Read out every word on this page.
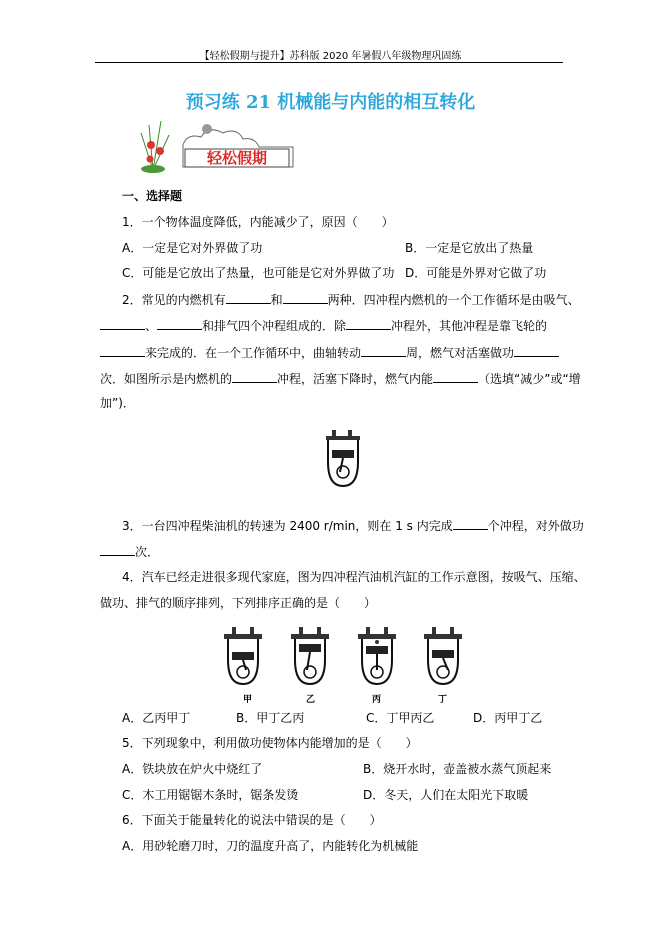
【轻松假期与提升】苏科版 2020 年暑假八年级物理巩固练
预习练 21 机械能与内能的相互转化
轻松假期
一、选择题
1．一个物体温度降低，内能减少了，原因（　　）
A．一定是它对外界做了功	B．一定是它放出了热量
C．可能是它放出了热量，也可能是它对外界做了功 D．可能是外界对它做了功
2．常见的内燃机有	和	两种．四冲程内燃机的一个工作循环是由吸气、
、	和排气四个冲程组成的．除	冲程外，其他冲程是靠飞轮的
来完成的．在一个工作循环中，曲轴转动	周，燃气对活塞做功
次．如图所示是内燃机的	冲程，活塞下降时，燃气内能	（选填“减少”或“增
加”)．
3．一台四冲程柴油机的转速为 2400 r/min，则在 1 s 内完成	个冲程，对外做功
次．
4．汽车已经走进很多现代家庭，图为四冲程汽油机汽缸的工作示意图，按吸气、压缩、
做功、排气的顺序排列，下列排序正确的是（　　）
甲	乙	丙	丁
A．乙丙甲丁	B．甲丁乙丙	C．丁甲丙乙	D．丙甲丁乙
5．下列现象中，利用做功使物体内能增加的是（　　）
A．铁块放在炉火中烧红了	B．烧开水时，壶盖被水蒸气顶起来
C．木工用锯锯木条时，锯条发烫	D．冬天，人们在太阳光下取暖
6．下面关于能量转化的说法中错误的是（　　）
A．用砂轮磨刀时，刀的温度升高了，内能转化为机械能
